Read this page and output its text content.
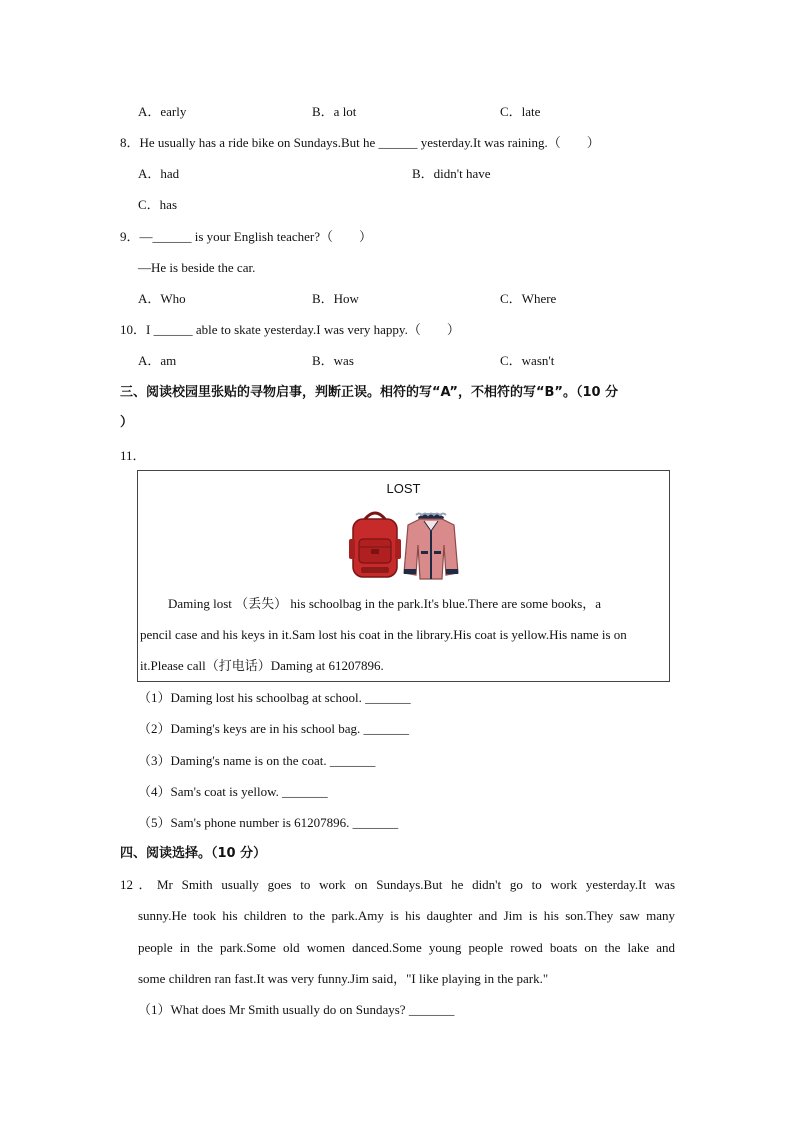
A．early	B．a lot	C．late
8．He usually has a ride bike on Sundays.But he ______ yesterday.It was raining.（　　）
A．had	B．didn't have
C．has
9．—______ is your English teacher?（　　）
—He is beside the car.
A．Who	B．How	C．Where
10．I ______ able to skate yesterday.I was very happy.（　　）
A．am	B．was	C．wasn't
三、阅读校园里张贴的寻物启事，判断正误。相符的写“A”，不相符的写“B”。（10 分
）
11．
LOST
Daming lost （丢失） his schoolbag in the park.It's blue.There are some books，a
pencil case and his keys in it.Sam lost his coat in the library.His coat is yellow.His name is on
it.Please call（打电话）Daming at 61207896.
（1）Daming lost his schoolbag at school. _______
（2）Daming's keys are in his school bag. _______
（3）Daming's name is on the coat. _______
（4）Sam's coat is yellow. _______
（5）Sam's phone number is 61207896. _______
四、阅读选择。（10 分）
12．Mr Smith usually goes to work on Sundays.But he didn't go to work yesterday.It was
sunny.He took his children to the park.Amy is his daughter and Jim is his son.They saw many
people in the park.Some old women danced.Some young people rowed boats on the lake and
some children ran fast.It was very funny.Jim said，"I like playing in the park."
（1）What does Mr Smith usually do on Sundays? _______
